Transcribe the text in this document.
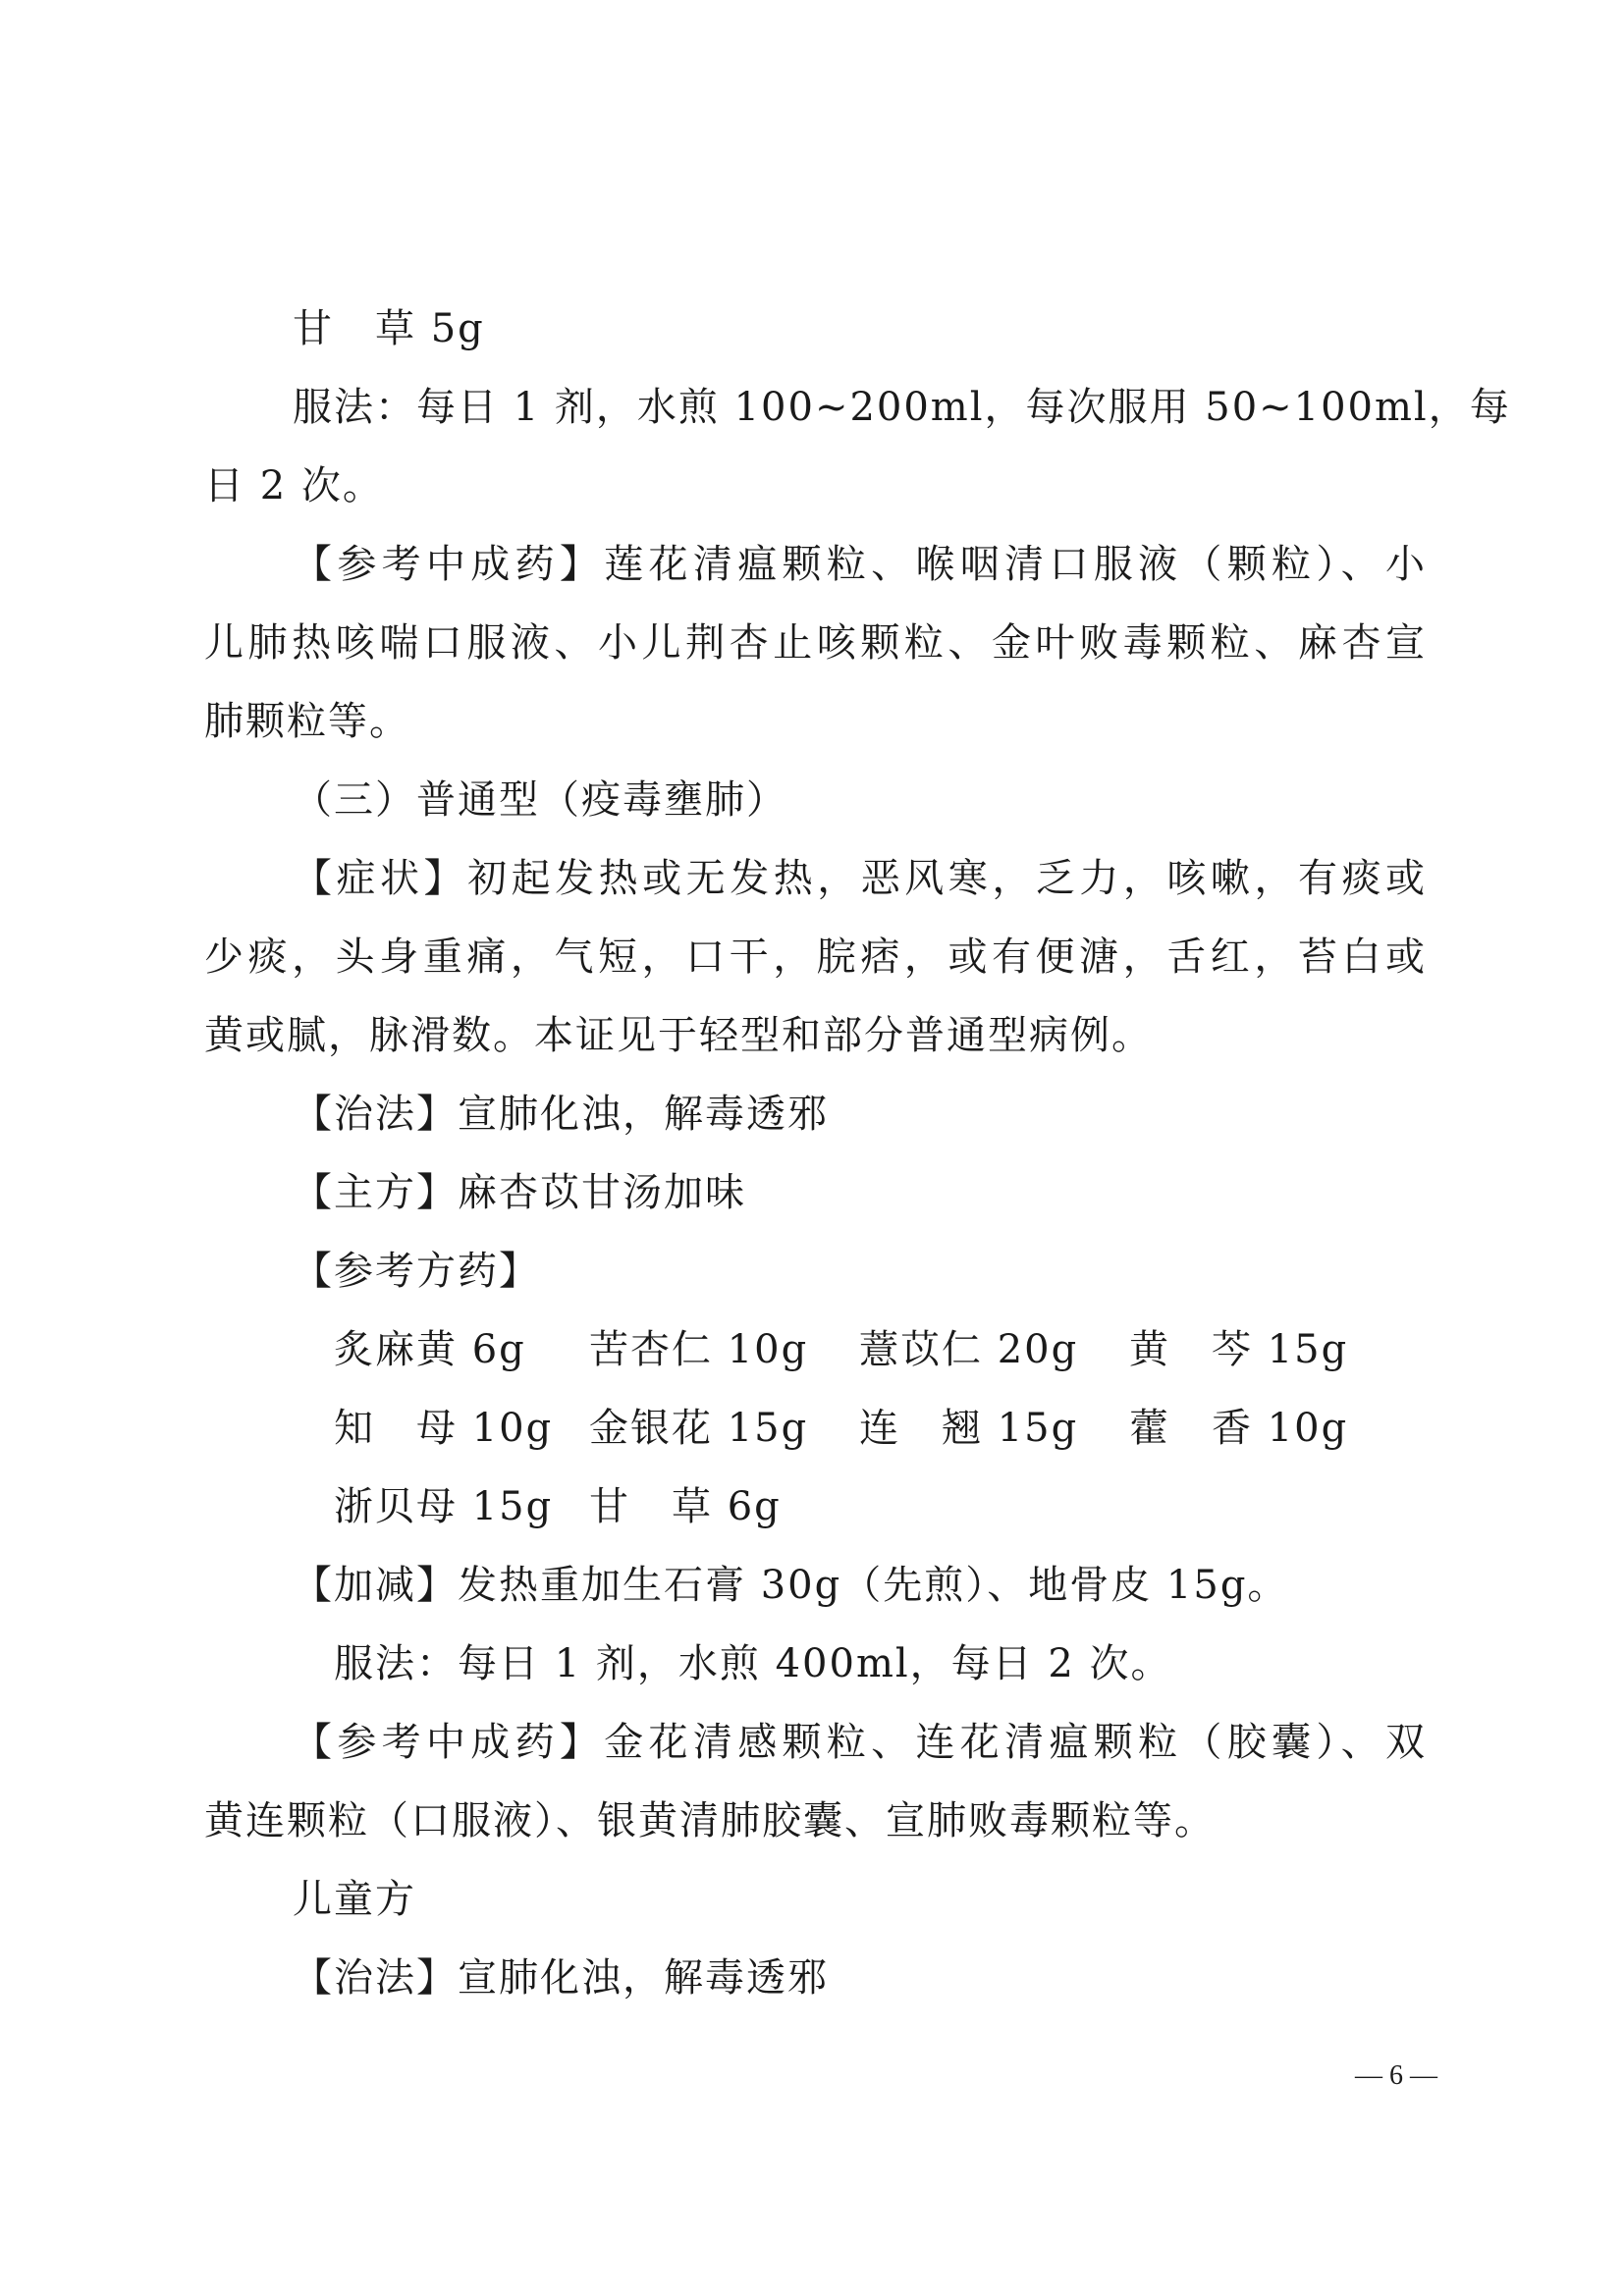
甘　草 5g
服法：每日 1 剂，水煎 100~200ml，每次服用 50~100ml，每
日 2 次。
【参考中成药】莲花清瘟颗粒、喉咽清口服液（颗粒）、小
儿肺热咳喘口服液、小儿荆杏止咳颗粒、金叶败毒颗粒、麻杏宣
肺颗粒等。
（三）普通型（疫毒壅肺）
【症状】初起发热或无发热，恶风寒，乏力，咳嗽，有痰或
少痰，头身重痛，气短，口干，脘痞，或有便溏，舌红，苔白或
黄或腻，脉滑数。本证见于轻型和部分普通型病例。
【治法】宣肺化浊，解毒透邪
【主方】麻杏苡甘汤加味
【参考方药】
炙麻黄 6g 苦杏仁 10g 薏苡仁 20g 黄　芩 15g
知　母 10g 金银花 15g 连　翘 15g 藿　香 10g
浙贝母 15g 甘　草 6g
【加减】发热重加生石膏 30g（先煎）、地骨皮 15g。
服法：每日 1 剂，水煎 400ml，每日 2 次。
【参考中成药】金花清感颗粒、连花清瘟颗粒（胶囊）、双
黄连颗粒（口服液）、银黄清肺胶囊、宣肺败毒颗粒等。
儿童方
【治法】宣肺化浊，解毒透邪
— 6 —
